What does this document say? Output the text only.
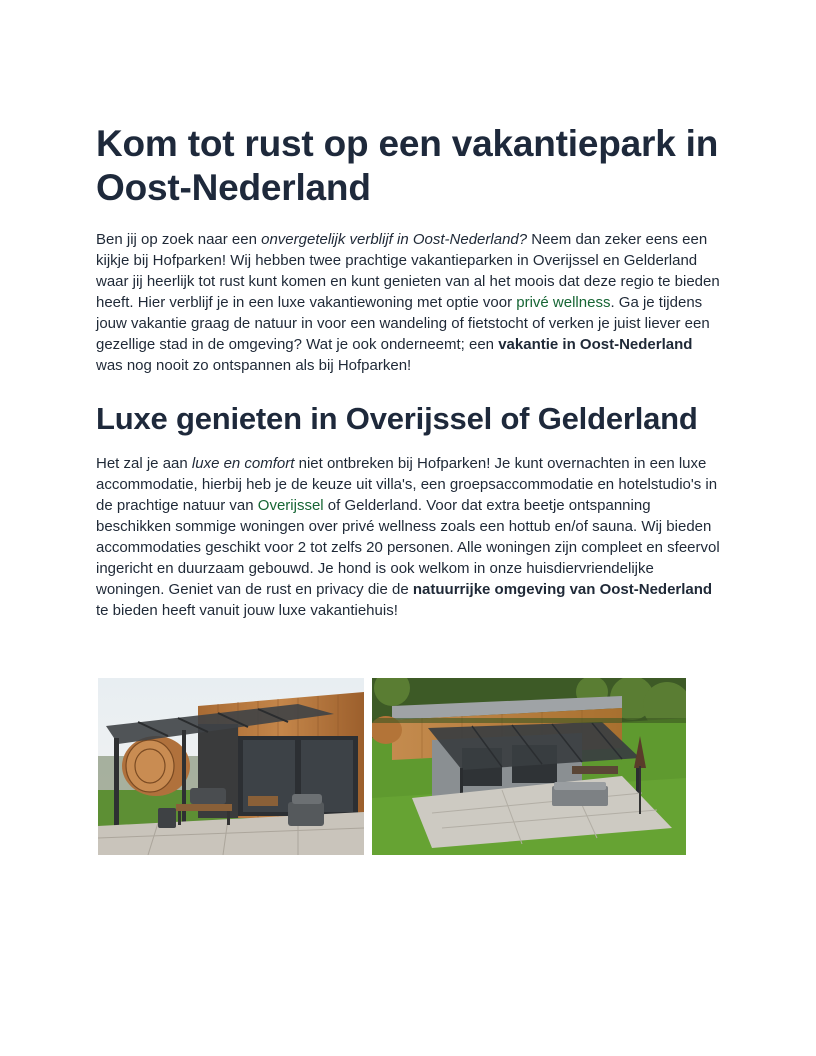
Kom tot rust op een vakantiepark in Oost-Nederland

Ben jij op zoek naar een onvergetelijk verblijf in Oost-Nederland? Neem dan zeker eens een kijkje bij Hofparken! Wij hebben twee prachtige vakantieparken in Overijssel en Gelderland waar jij heerlijk tot rust kunt komen en kunt genieten van al het moois dat deze regio te bieden heeft. Hier verblijf je in een luxe vakantiewoning met optie voor privé wellness. Ga je tijdens jouw vakantie graag de natuur in voor een wandeling of fietstocht of verken je juist liever een gezellige stad in de omgeving? Wat je ook onderneemt; een vakantie in Oost-Nederland was nog nooit zo ontspannen als bij Hofparken!

Luxe genieten in Overijssel of Gelderland

Het zal je aan luxe en comfort niet ontbreken bij Hofparken! Je kunt overnachten in een luxe accommodatie, hierbij heb je de keuze uit villa's, een groepsaccommodatie en hotelstudio's in de prachtige natuur van Overijssel of Gelderland. Voor dat extra beetje ontspanning beschikken sommige woningen over privé wellness zoals een hottub en/of sauna. Wij bieden accommodaties geschikt voor 2 tot zelfs 20 personen. Alle woningen zijn compleet en sfeervol ingericht en duurzaam gebouwd. Je hond is ook welkom in onze huisdiervriendelijke woningen. Geniet van de rust en privacy die de natuurrijke omgeving van Oost-Nederland te bieden heeft vanuit jouw luxe vakantiehuis!
